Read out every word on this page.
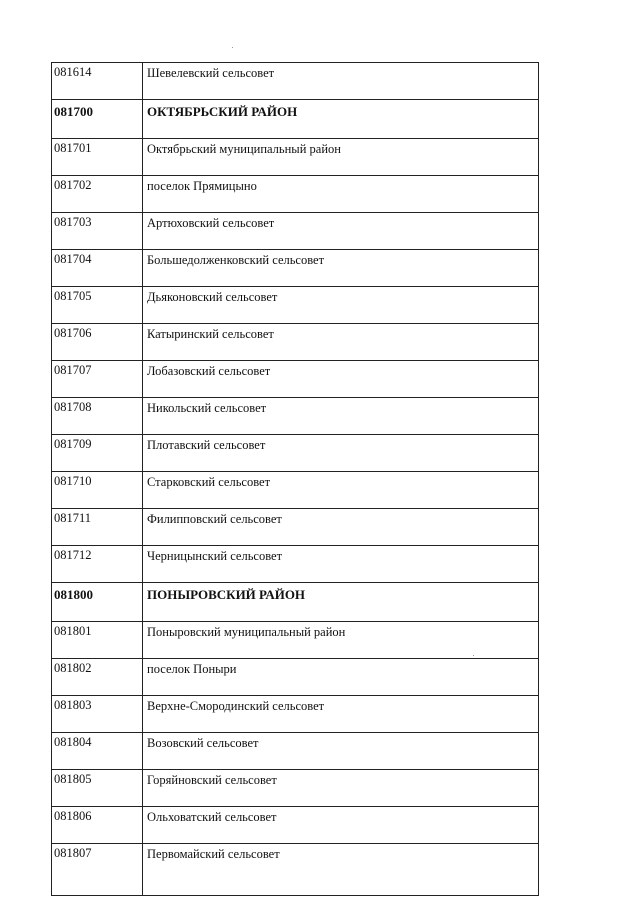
081614	Шевелевский сельсовет
081700	ОКТЯБРЬСКИЙ РАЙОН
081701	Октябрьский муниципальный район
081702	поселок Прямицыно
081703	Артюховский сельсовет
081704	Большедолженковский сельсовет
081705	Дьяконовский сельсовет
081706	Катыринский сельсовет
081707	Лобазовский сельсовет
081708	Никольский сельсовет
081709	Плотавский сельсовет
081710	Старковский сельсовет
081711	Филипповский сельсовет
081712	Черницынский сельсовет
081800	ПОНЫРОВСКИЙ РАЙОН
081801	Поныровский муниципальный район
081802	поселок Поныри
081803	Верхне-Смородинский сельсовет
081804	Возовский сельсовет
081805	Горяйновский сельсовет
081806	Ольховатский сельсовет
081807	Первомайский сельсовет
